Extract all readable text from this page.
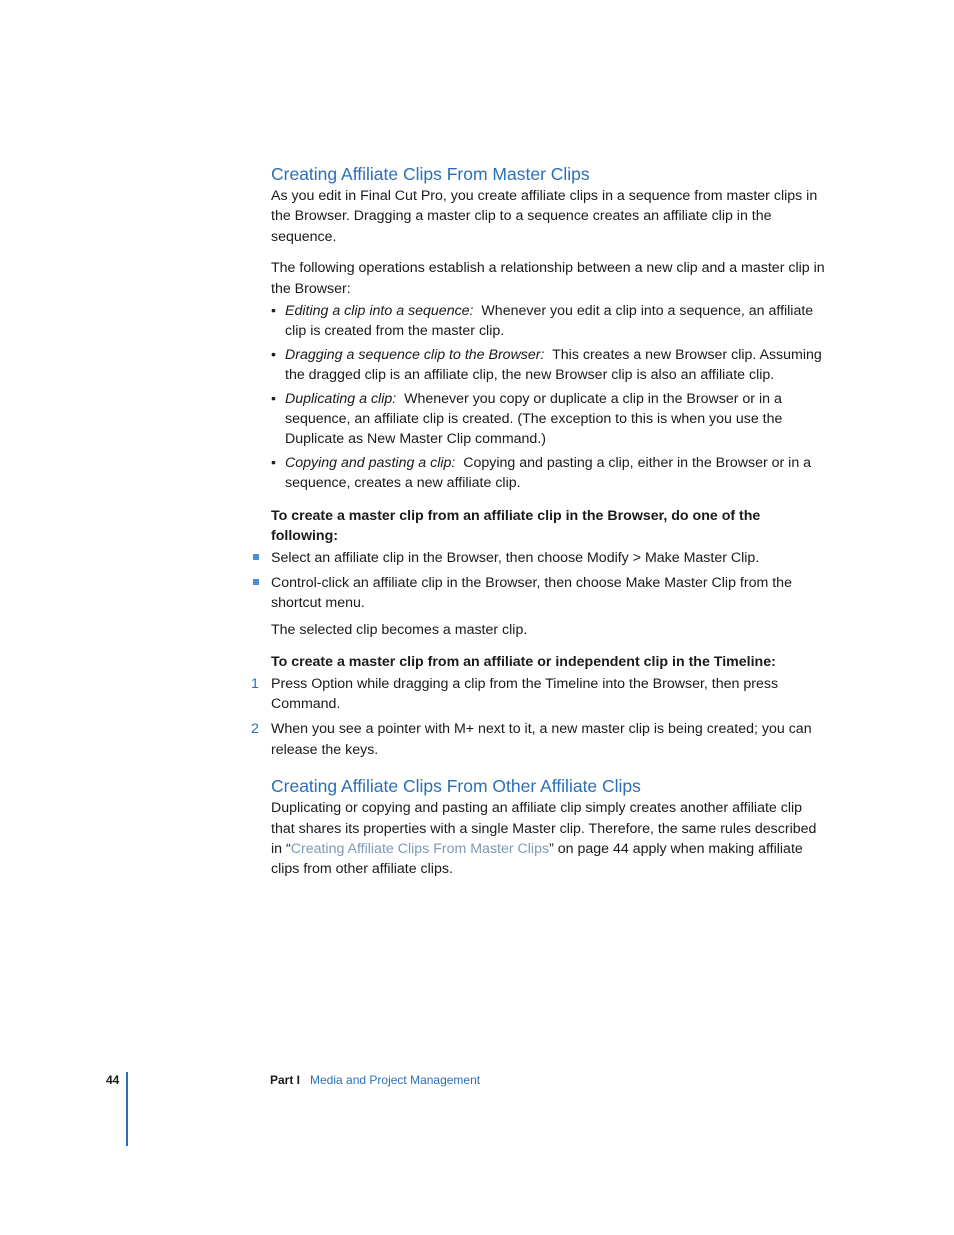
Creating Affiliate Clips From Master Clips

As you edit in Final Cut Pro, you create affiliate clips in a sequence from master clips in the Browser. Dragging a master clip to a sequence creates an affiliate clip in the sequence.

The following operations establish a relationship between a new clip and a master clip in the Browser:

• Editing a clip into a sequence: Whenever you edit a clip into a sequence, an affiliate clip is created from the master clip.
• Dragging a sequence clip to the Browser: This creates a new Browser clip. Assuming the dragged clip is an affiliate clip, the new Browser clip is also an affiliate clip.
• Duplicating a clip: Whenever you copy or duplicate a clip in the Browser or in a sequence, an affiliate clip is created. (The exception to this is when you use the Duplicate as New Master Clip command.)
• Copying and pasting a clip: Copying and pasting a clip, either in the Browser or in a sequence, creates a new affiliate clip.

To create a master clip from an affiliate clip in the Browser, do one of the following:

Select an affiliate clip in the Browser, then choose Modify > Make Master Clip.
Control-click an affiliate clip in the Browser, then choose Make Master Clip from the shortcut menu.

The selected clip becomes a master clip.

To create a master clip from an affiliate or independent clip in the Timeline:

1 Press Option while dragging a clip from the Timeline into the Browser, then press Command.
2 When you see a pointer with M+ next to it, a new master clip is being created; you can release the keys.
Creating Affiliate Clips From Other Affiliate Clips

Duplicating or copying and pasting an affiliate clip simply creates another affiliate clip that shares its properties with a single Master clip. Therefore, the same rules described in “Creating Affiliate Clips From Master Clips” on page 44 apply when making affiliate clips from other affiliate clips.

44	Part I Media and Project Management
